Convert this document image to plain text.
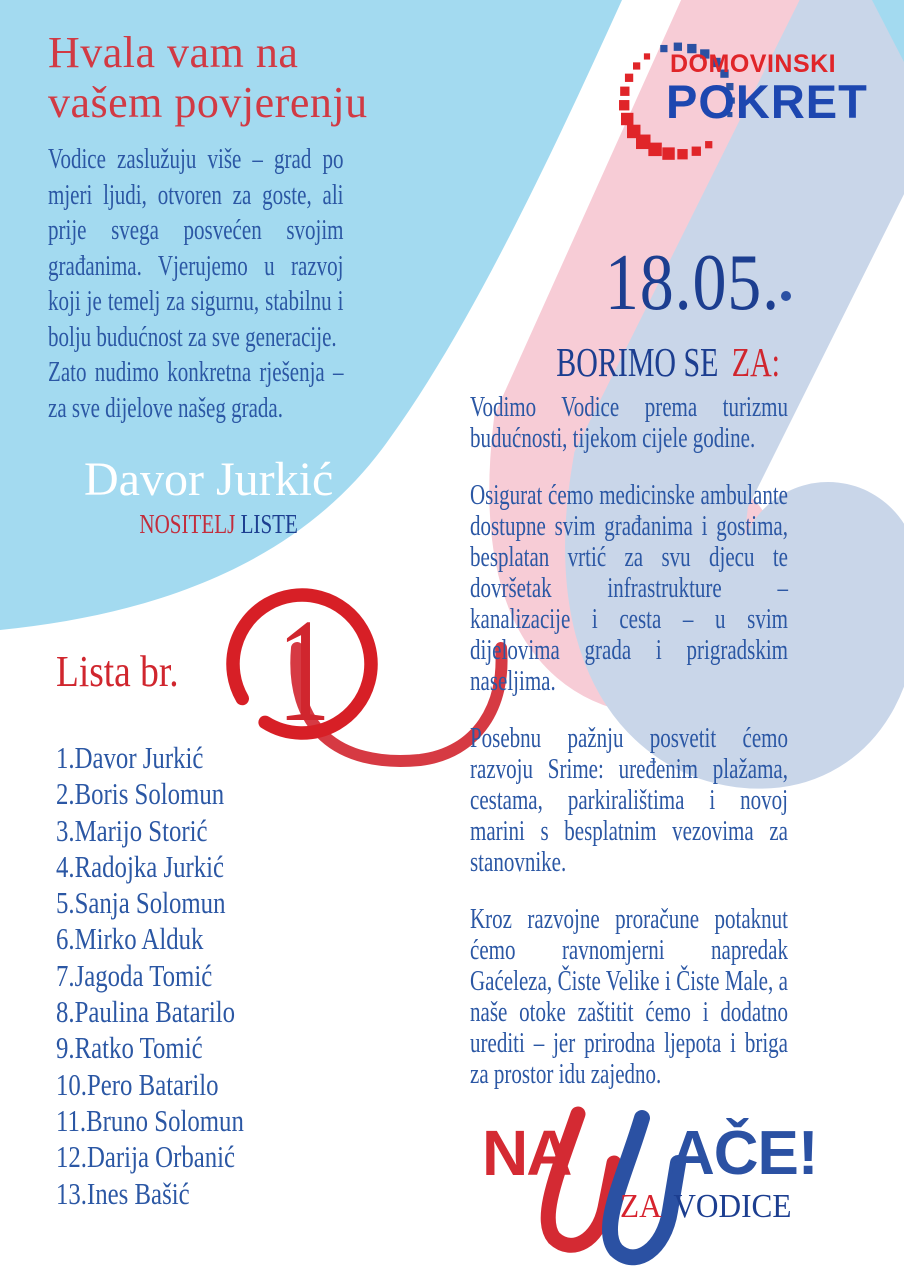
Hvala vam na vašem povjerenju

Vodice zaslužuju više – grad po mjeri ljudi, otvoren za goste, ali prije svega posvećen svojim građanima. Vjerujemo u razvoj koji je temelj za sigurnu, stabilnu i bolju budućnost za sve generacije.

Zato nudimo konkretna rješenja – za sve dijelove našeg grada.

Davor Jurkić
NOSITELJ LISTE
Lista br. 1
1.Davor Jurkić
2.Boris Solomun
3.Marijo Storić
4.Radojka Jurkić
5.Sanja Solomun
6.Mirko Alduk
7.Jagoda Tomić
8.Paulina Batarilo
9.Ratko Tomić
10.Pero Batarilo
11.Bruno Solomun
12.Darija Orbanić
13.Ines Bašić
DOMOVINSKI
POKRET
18.05.
BORIMO SE ZA:

Vodimo Vodice prema turizmu budućnosti, tijekom cijele godine.

Osigurat ćemo medicinske ambulante dostupne svim građanima i gostima, besplatan vrtić za svu djecu te dovršetak infrastrukture – kanalizacije i cesta – u svim dijelovima grada i prigradskim naseljima.

Posebnu pažnju posvetit ćemo razvoju Srime: uređenim plažama, cestama, parkiralištima i novoj marini s besplatnim vezovima za stanovnike.

Kroz razvojne proračune potaknut ćemo ravnomjerni napredak Gaćeleza, Čiste Velike i Čiste Male, a naše otoke zaštitit ćemo i dodatno urediti – jer prirodna ljepota i briga za prostor idu zajedno.

NA AČE!
ZA VODICE
